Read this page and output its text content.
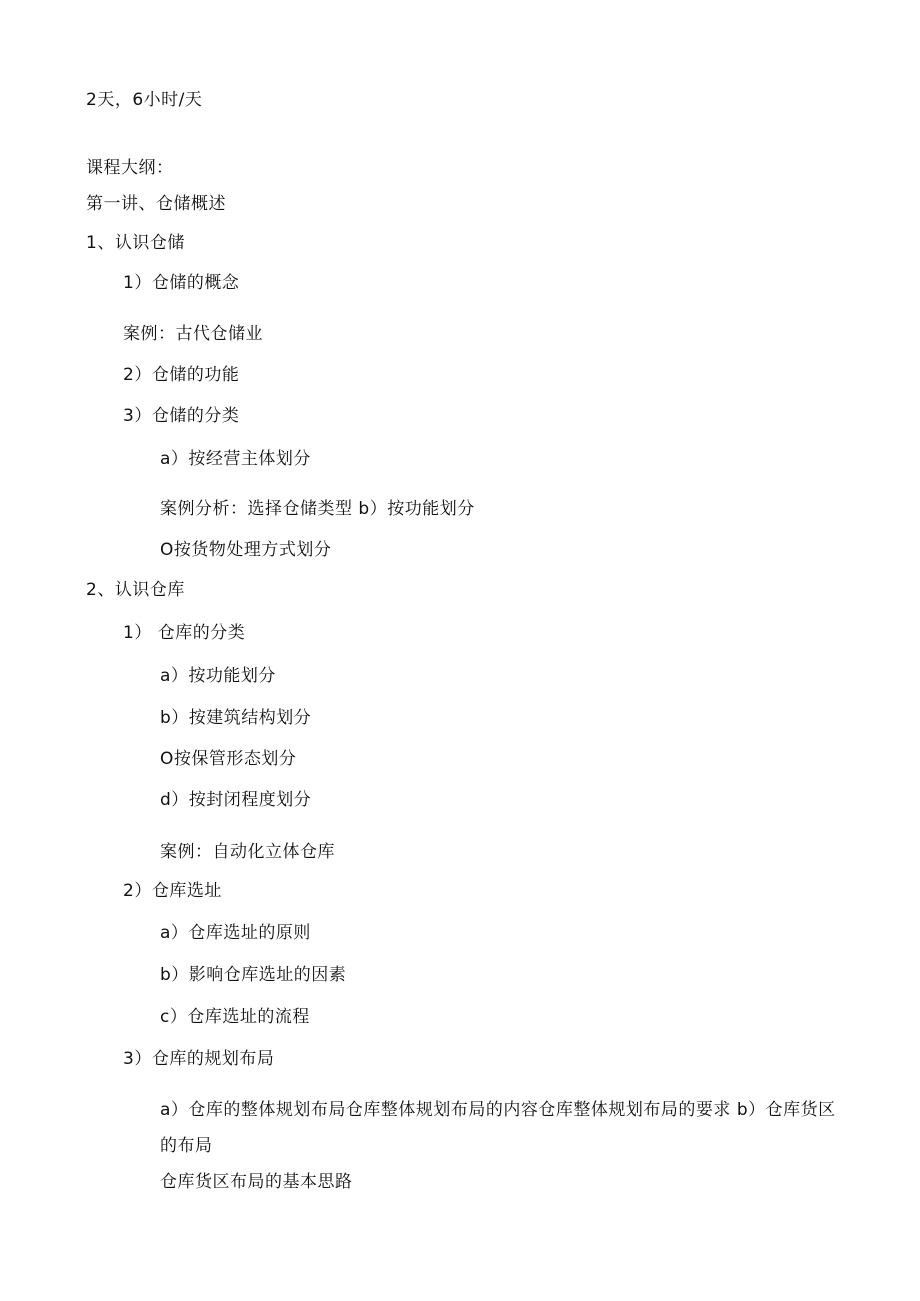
2天，6小时/天
课程大纲：
第一讲、仓储概述
1、认识仓储
1）仓储的概念
案例：古代仓储业
2）仓储的功能
3）仓储的分类
a）按经营主体划分
案例分析：选择仓储类型 b）按功能划分
O按货物处理方式划分
2、认识仓库
1） 仓库的分类
a）按功能划分
b）按建筑结构划分
O按保管形态划分
d）按封闭程度划分
案例：自动化立体仓库
2）仓库选址
a）仓库选址的原则
b）影响仓库选址的因素
c）仓库选址的流程
3）仓库的规划布局
a）仓库的整体规划布局仓库整体规划布局的内容仓库整体规划布局的要求 b）仓库货区的布局
仓库货区布局的基本思路
